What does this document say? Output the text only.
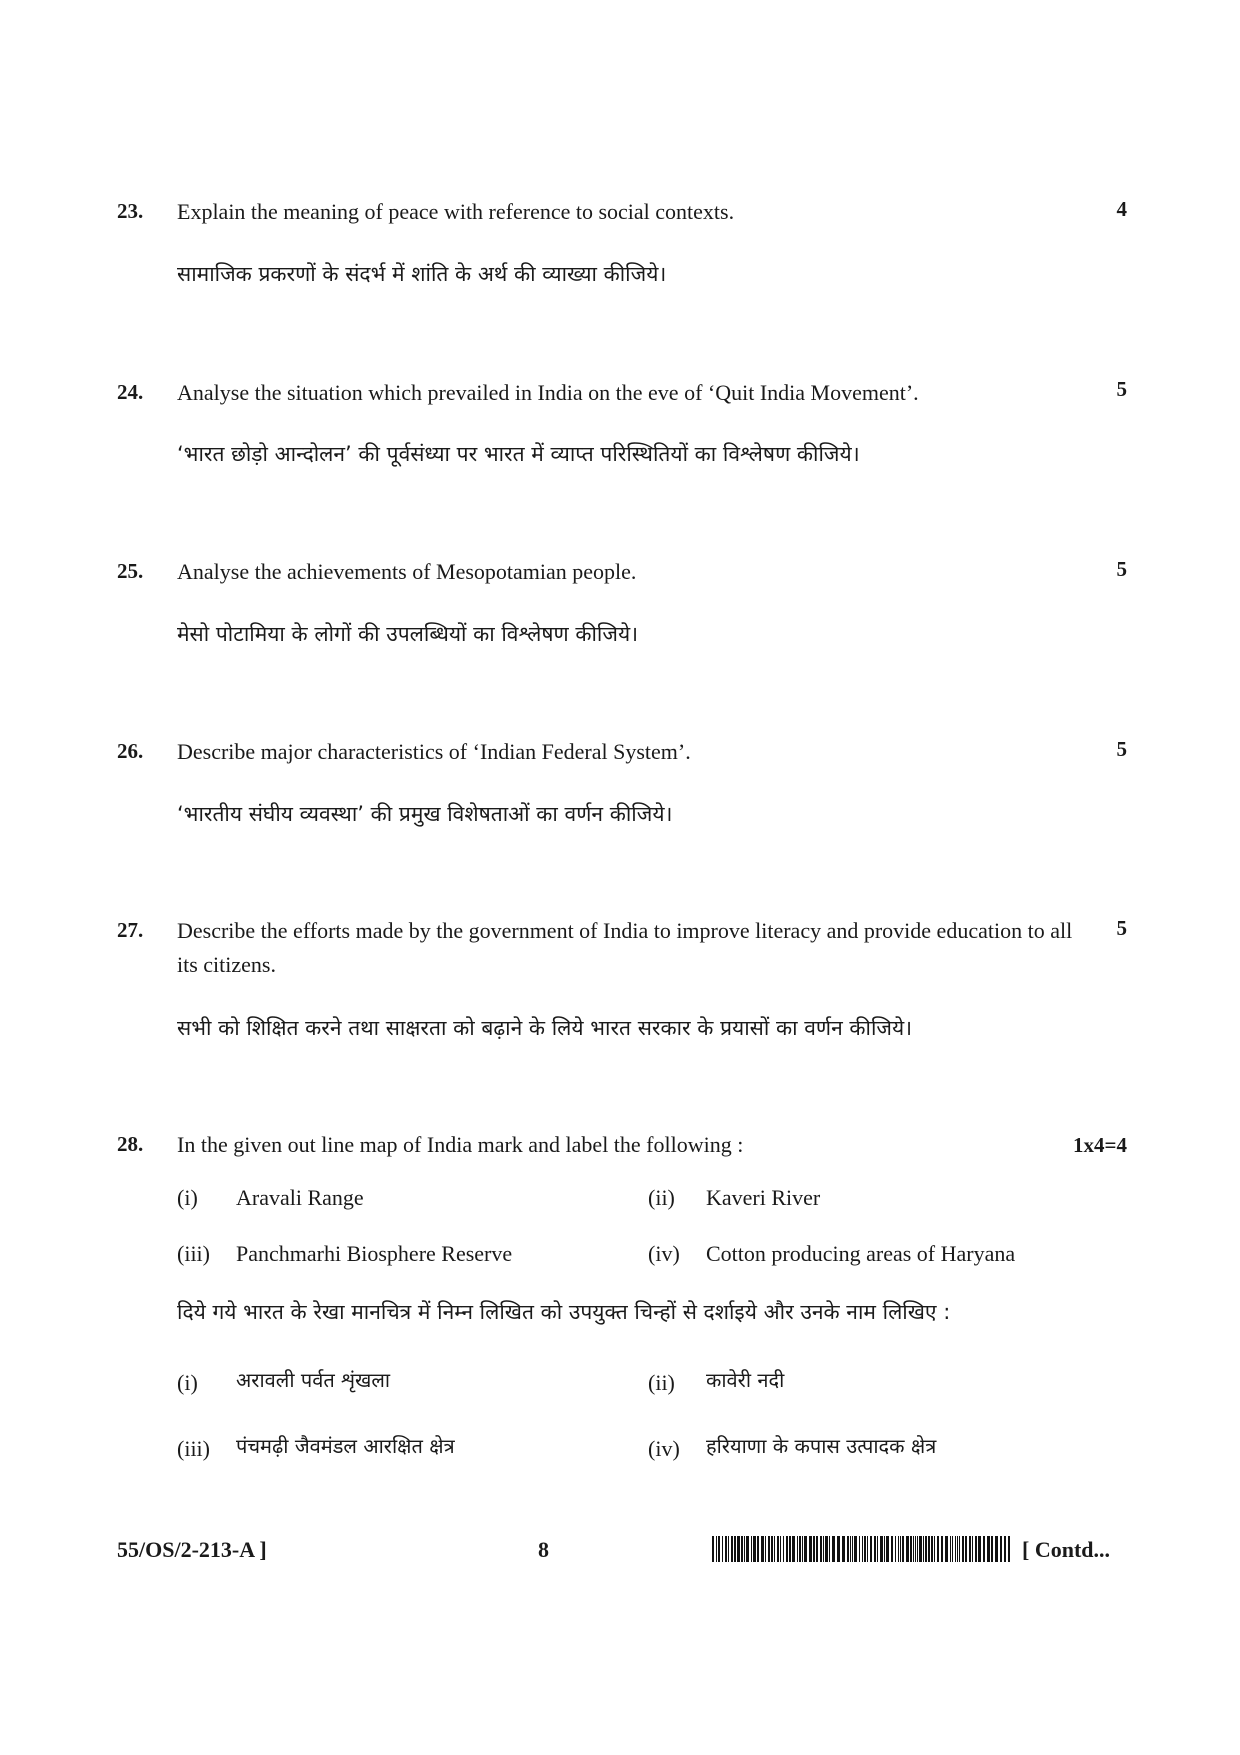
23. Explain the meaning of peace with reference to social contexts.	4
सामाजिक प्रकरणों के संदर्भ में शांति के अर्थ की व्याख्या कीजिये।
24. Analyse the situation which prevailed in India on the eve of ‘Quit India Movement’.	5
‘भारत छोड़ो आन्दोलन’ की पूर्वसंध्या पर भारत में व्याप्त परिस्थितियों का विश्लेषण कीजिये।
25. Analyse the achievements of Mesopotamian people.	5
मेसो पोटामिया के लोगों की उपलब्धियों का विश्लेषण कीजिये।
26. Describe major characteristics of ‘Indian Federal System’.	5
‘भारतीय संघीय व्यवस्था’ की प्रमुख विशेषताओं का वर्णन कीजिये।
27. Describe the efforts made by the government of India to improve literacy and provide education to all its citizens.
5
सभी को शिक्षित करने तथा साक्षरता को बढ़ाने के लिये भारत सरकार के प्रयासों का वर्णन कीजिये।
28. In the given out line map of India mark and label the following :	1x4=4
(i) Aravali Range	(ii) Kaveri River
(iii) Panchmarhi Biosphere Reserve	(iv) Cotton producing areas of Haryana
दिये गये भारत के रेखा मानचित्र में निम्न लिखित को उपयुक्त चिन्हों से दर्शाइये और उनके नाम लिखिए :
(i) अरावली पर्वत शृंखला	(ii) कावेरी नदी
(iii) पंचमढ़ी जैवमंडल आरक्षित क्षेत्र	(iv) हरियाणा के कपास उत्पादक क्षेत्र
55/OS/2-213-A ]	8	[ Contd...
